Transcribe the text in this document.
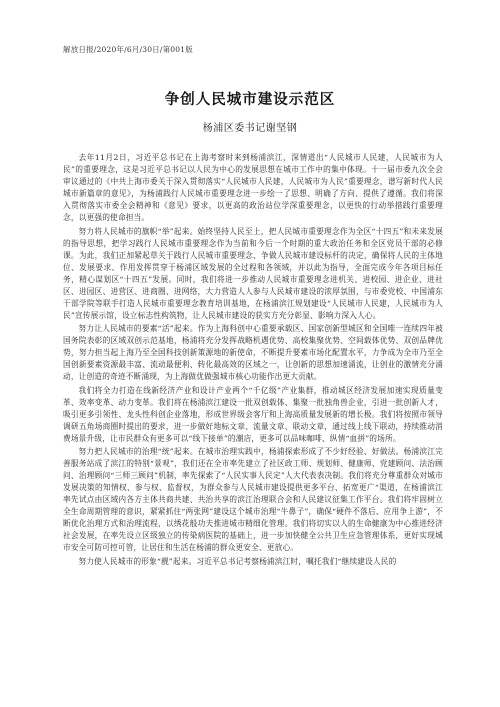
解放日报/2020年/6月/30日/第001版
争创人民城市建设示范区
杨浦区委书记谢坚钢

去年11月2日，习近平总书记在上海考察时来到杨浦滨江，深情道出“人民城市人民建，人民城市为人民”的重要理念，这是习近平总书记以人民为中心的发展思想在城市工作中的集中体现。十一届市委九次全会审议通过的《中共上海市委关于深入贯彻落实“人民城市人民建，人民城市为人民”重要理念，谱写新时代人民城市新篇章的意见》，为杨浦践行人民城市重要理念进一步绘一了思想、明确了方向、提供了遵循。我们将深入贯彻落实市委全会精神和《意见》要求，以更高的政治站位学深重要理念，以更快的行动举措践行重要理念，以更强的使命担当。

努力将人民城市的旗帜“举”起来。始终坚持人民至上，把人民城市重要理念作为全区“十四五”和未来发展的指导思想，把学习践行人民城市重要理念作为当前和今后一个时期的重大政治任务和全区党员干部的必修课。为此，我们正加紧起草关于践行人民城市重要理念、争做人民城市建设标杆的决定，确保将人民的主体地位、发展要求、作用发挥贯穿于杨浦区域发展的全过程和各领域，并以此为指导，全面完成今年各项目标任务，精心谋划区“十四五”发展。同时，我们将进一步推动人民城市重要理念进机关、进校园、进企业、进社区、进园区、进营区、进商圈、进网络，大力营造人人参与人民城市建设的浓厚氛围，与市委党校、中国浦东干部学院等联手打造人民城市重要理念教育培训基地，在杨浦滨江规划建设“人民城市人民建，人民城市为人民”宣传展示馆，设立标志性构筑物，让人民城市建设的获实方充分彰显、影响力深入人心。

努力让人民城市的要素“活”起来。作为上海科创中心重要承载区、国家创新型城区和全国唯一连续四年被国务院表彰的区域双创示范基地，杨浦将充分发挥战略机遇优势、高校集聚优势、空间载体优势、双创品牌优势，努力担当起上海乃至全国科技创新策源地的新使命，不断提升要素市场化配置水平，力争成为全市乃至全国创新要素资源最丰富、流动最便利、转化最高效的区域之一，让创新的思想加速涌流，让创业的激情充分涌动，让创造的奇迹不断涌现，为上海做优做强城市核心功能作出更大贡献。

我们将全力打造在线新经济产业和设计产业两个“千亿级”产业集群，推动城区经济发展加速实现质量变革、效率变革、动力变革。我们将在杨浦滨江建设一批双创载体、集聚一批独角兽企业，引进一批创新人才，吸引更多引领性、龙头性科创企业落地，形成世界级会客厅和上海高质量发展新的增长极。我们将按照市领导调研五角场商圈时提出的要求，进一步做好地标文章、流量文章、联动文章，通过线上线下联动，持续推动消费场景升级，让市民群众有更多可以“线下接单”的潮店，更多可以品味咖啡、纵情“血拼”的场所。

努力把人民城市的治理“统”起来。在城市治理实践中，杨浦探索形成了不少好经验、好做法。杨浦滨江完善服务站成了滨江的特别“景观”，我们还在全市率先建立了社区政工师、规划师、健康师、党建顾问、法治顾问、治理顾问“三师三顾问”机制，率先探索了“人民实事人民定”人大代表表决制。我们将充分尊重群众对城市发展决策的知情权、参与权、监督权，为群众参与人民城市建设提供更多平台、拓宽更广“渠道，在杨浦滨江率先试点由区域内各方主体共商共建、共治共享的滨江治理联合会和人民建议征集工作平台。我们将牢固树立全生命周期管理的意识，紧紧抓住“两张网”建设这个城市治理“牛鼻子”，确保“硬件不落后、应用争上游”，不断优化治理方式和治理流程，以绣花般功夫推进城市精细化管理。我们将切实以人的生命健康为中心推进经济社会发展，在率先设立区级独立的传染病医院的基础上，进一步加快健全公共卫生应急管理体系，更好实现城市安全可防可控可管，让居住和生活在杨浦的群众更安全、更放心。

努力使人民城市的形象“靓”起来。习近平总书记考察杨浦滨江时，嘱托我们“继续建设人民的
